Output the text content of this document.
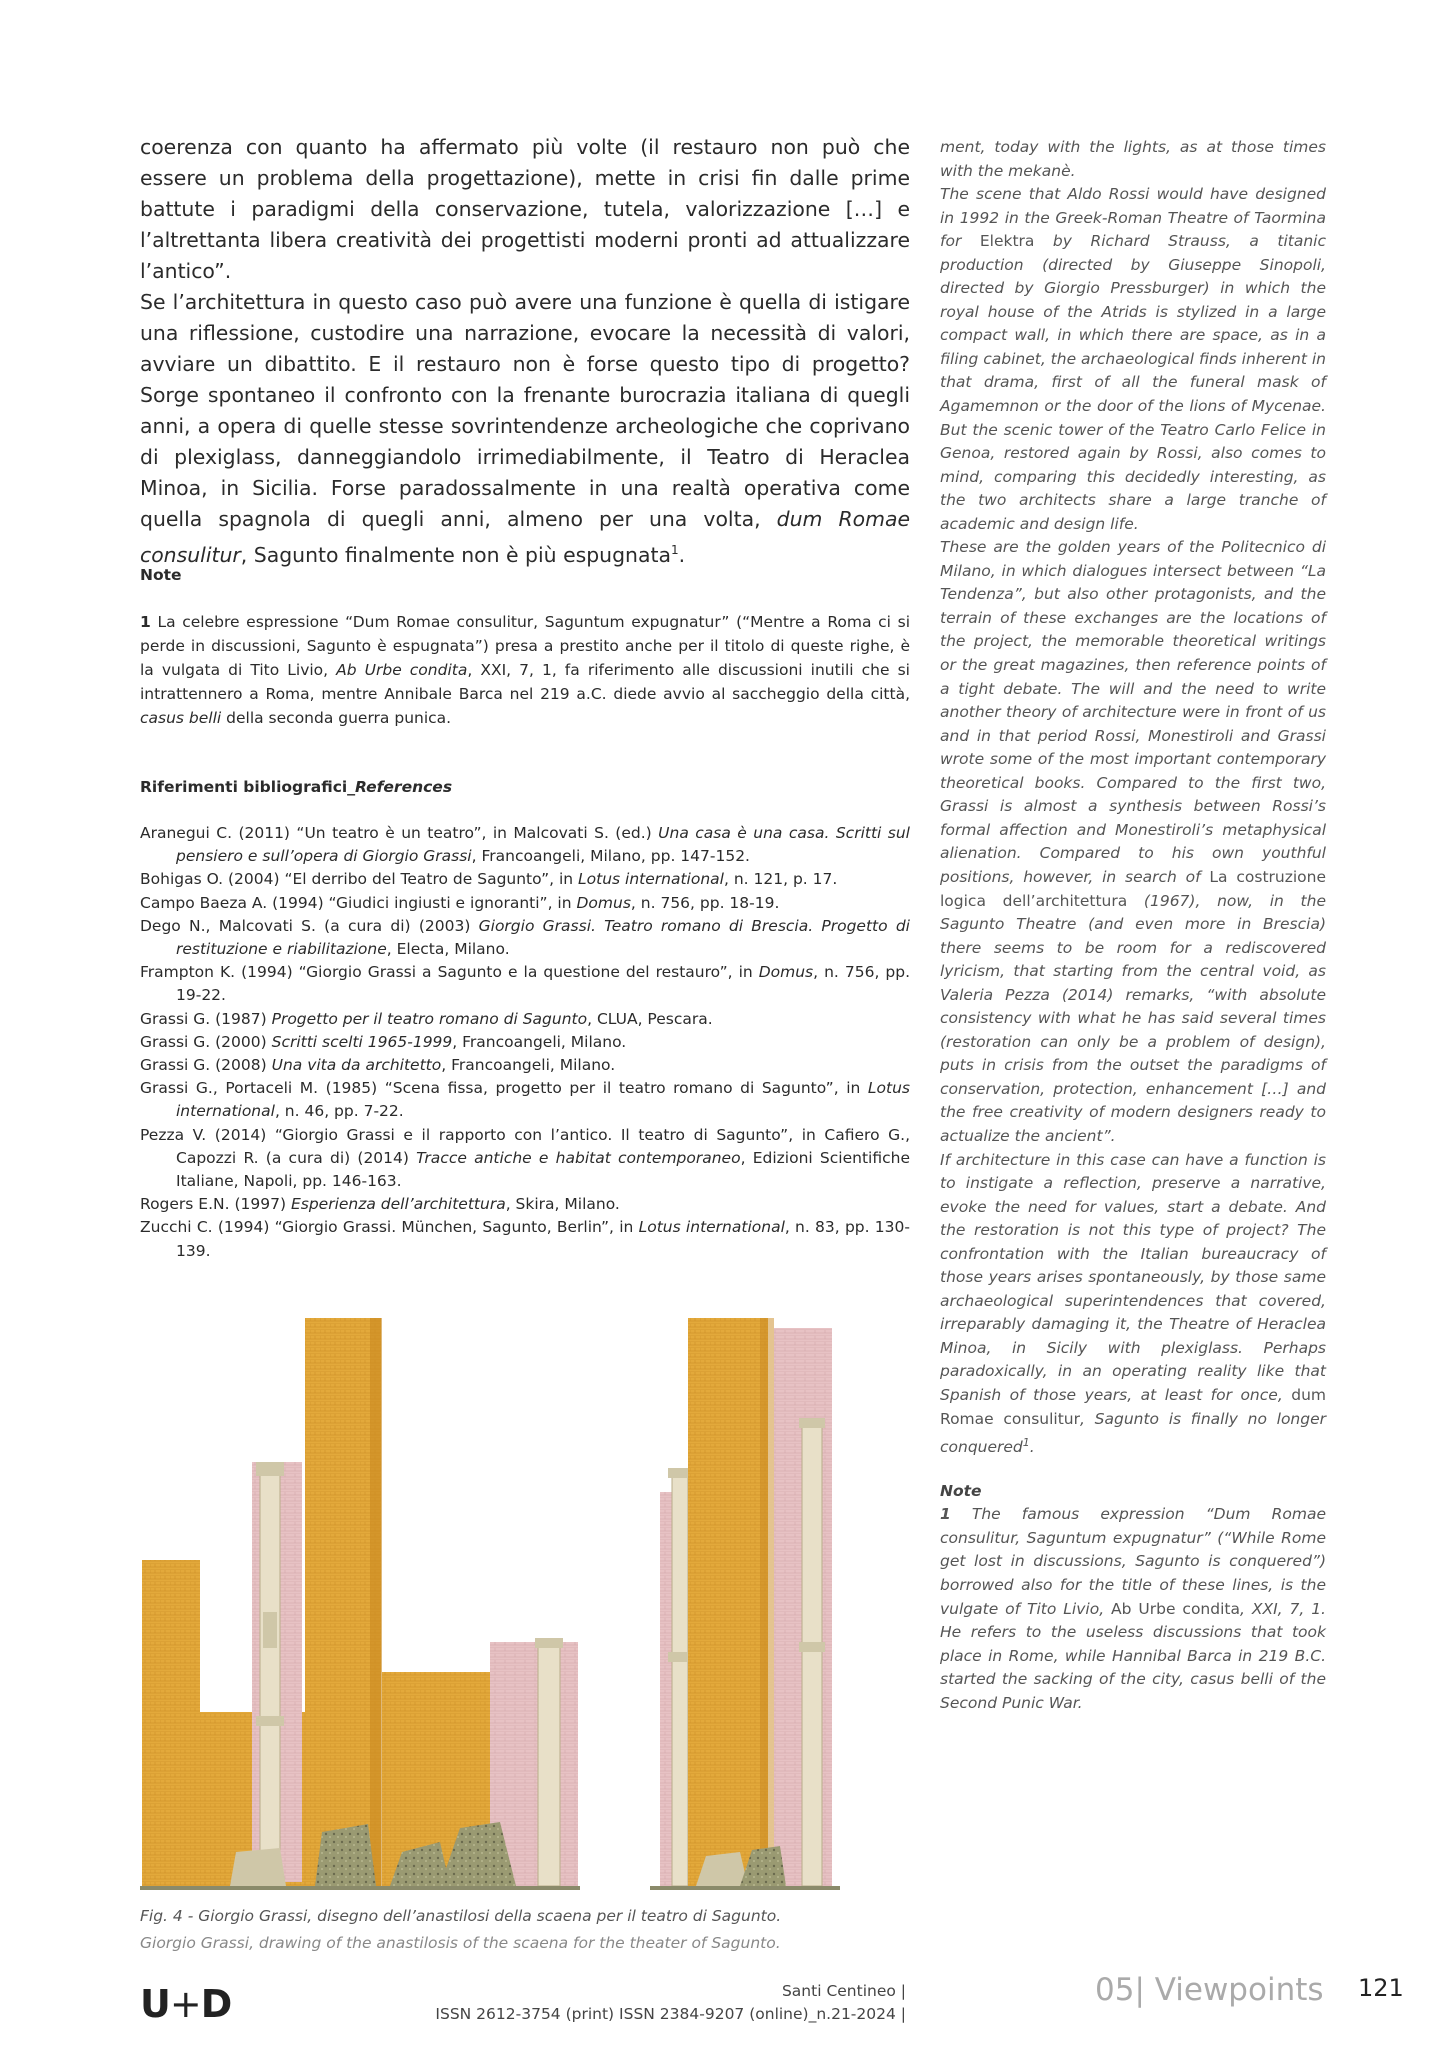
coerenza con quanto ha affermato più volte (il restauro non può che essere un problema della progettazione), mette in crisi fin dalle prime battute i paradigmi della conservazione, tutela, valorizzazione […] e l’altrettanta libera creatività dei progettisti moderni pronti ad attualizzare l’antico”.

Se l’architettura in questo caso può avere una funzione è quella di istigare una riflessione, custodire una narrazione, evocare la necessità di valori, avviare un dibattito. E il restauro non è forse questo tipo di progetto? Sorge spontaneo il confronto con la frenante burocrazia italiana di quegli anni, a opera di quelle stesse sovrintendenze archeologiche che coprivano di plexiglass, danneggiandolo irrimediabilmente, il Teatro di Heraclea Minoa, in Sicilia. Forse paradossalmente in una realtà operativa come quella spagnola di quegli anni, almeno per una volta, dum Romae consulitur, Sagunto finalmente non è più espugnata$^1$.

Note

1 La celebre espressione “Dum Romae consulitur, Saguntum expugnatur” (“Mentre a Roma ci si perde in discussioni, Sagunto è espugnata”) presa a prestito anche per il titolo di queste righe, è la vulgata di Tito Livio, Ab Urbe condita, XXI, 7, 1, fa riferimento alle discussioni inutili che si intrattennero a Roma, mentre Annibale Barca nel 219 a.C. diede avvio al saccheggio della città, casus belli della seconda guerra punica.

Riferimenti bibliografici_References
Aranegui C. (2011) “Un teatro è un teatro”, in Malcovati S. (ed.) Una casa è una casa. Scritti sul pensiero e sull’opera di Giorgio Grassi, Francoangeli, Milano, pp. 147-152.
Bohigas O. (2004) “El derribo del Teatro de Sagunto”, in Lotus international, n. 121, p. 17.
Campo Baeza A. (1994) “Giudici ingiusti e ignoranti”, in Domus, n. 756, pp. 18-19.
Dego N., Malcovati S. (a cura di) (2003) Giorgio Grassi. Teatro romano di Brescia. Progetto di restituzione e riabilitazione, Electa, Milano.
Frampton K. (1994) “Giorgio Grassi a Sagunto e la questione del restauro”, in Domus, n. 756, pp. 19-22.
Grassi G. (1987) Progetto per il teatro romano di Sagunto, CLUA, Pescara.
Grassi G. (2000) Scritti scelti 1965-1999, Francoangeli, Milano.
Grassi G. (2008) Una vita da architetto, Francoangeli, Milano.
Grassi G., Portaceli M. (1985) “Scena fissa, progetto per il teatro romano di Sagunto”, in Lotus international, n. 46, pp. 7-22.
Pezza V. (2014) “Giorgio Grassi e il rapporto con l’antico. Il teatro di Sagunto”, in Cafiero G., Capozzi R. (a cura di) (2014) Tracce antiche e habitat contemporaneo, Edizioni Scientifiche Italiane, Napoli, pp. 146-163.
Rogers E.N. (1997) Esperienza dell’architettura, Skira, Milano.
Zucchi C. (1994) “Giorgio Grassi. München, Sagunto, Berlin”, in Lotus international, n. 83, pp. 130-139.

ment, today with the lights, as at those times with the mekanè.

The scene that Aldo Rossi would have designed in 1992 in the Greek-Roman Theatre of Taormina for Elektra by Richard Strauss, a titanic production (directed by Giuseppe Sinopoli, directed by Giorgio Pressburger) in which the royal house of the Atrids is stylized in a large compact wall, in which there are space, as in a filing cabinet, the archaeological finds inherent in that drama, first of all the funeral mask of Agamemnon or the door of the lions of Mycenae. But the scenic tower of the Teatro Carlo Felice in Genoa, restored again by Rossi, also comes to mind, comparing this decidedly interesting, as the two architects share a large tranche of academic and design life.

These are the golden years of the Politecnico di Milano, in which dialogues intersect between “La Tendenza”, but also other protagonists, and the terrain of these exchanges are the locations of the project, the memorable theoretical writings or the great magazines, then reference points of a tight debate. The will and the need to write another theory of architecture were in front of us and in that period Rossi, Monestiroli and Grassi wrote some of the most important contemporary theoretical books. Compared to the first two, Grassi is almost a synthesis between Rossi’s formal affection and Monestiroli’s metaphysical alienation. Compared to his own youthful positions, however, in search of La costruzione logica dell’architettura (1967), now, in the Sagunto Theatre (and even more in Brescia) there seems to be room for a rediscovered lyricism, that starting from the central void, as Valeria Pezza (2014) remarks, “with absolute consistency with what he has said several times (restoration can only be a problem of design), puts in crisis from the outset the paradigms of conservation, protection, enhancement […] and the free creativity of modern designers ready to actualize the ancient”.

If architecture in this case can have a function is to instigate a reflection, preserve a narrative, evoke the need for values, start a debate. And the restoration is not this type of project? The confrontation with the Italian bureaucracy of those years arises spontaneously, by those same archaeological superintendences that covered, irreparably damaging it, the Theatre of Heraclea Minoa, in Sicily with plexiglass. Perhaps paradoxically, in an operating reality like that Spanish of those years, at least for once, dum Romae consulitur, Sagunto is finally no longer conquered$^1$.

Note

1 The famous expression “Dum Romae consulitur, Saguntum expugnatur” (“While Rome get lost in discussions, Sagunto is conquered”) borrowed also for the title of these lines, is the vulgate of Tito Livio, Ab Urbe condita, XXI, 7, 1. He refers to the useless discussions that took place in Rome, while Hannibal Barca in 219 B.C. started the sacking of the city, casus belli of the Second Punic War.

Fig. 4 - Giorgio Grassi, disegno dell’anastilosi della scaena per il teatro di Sagunto.
Giorgio Grassi, drawing of the anastilosis of the scaena for the theater of Sagunto.
U+D	Santi Centineo |
ISSN 2612-3754 (print) ISSN 2384-9207 (online)_n.21-2024 |
05| Viewpoints 121
